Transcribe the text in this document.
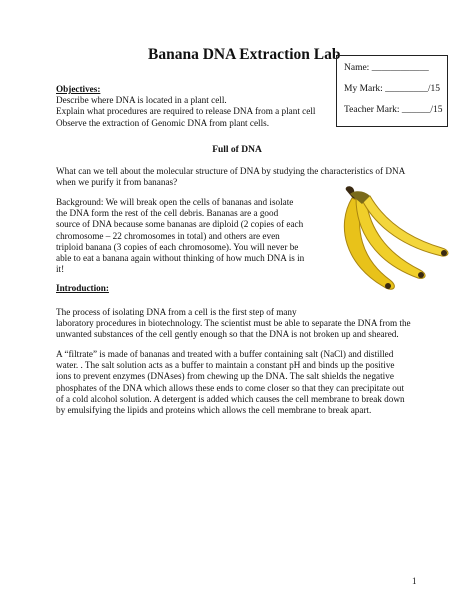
Banana DNA Extraction Lab
Name: ____________
My Mark: _________/15
Teacher Mark: ______/15
Objectives:
Describe where DNA is located in a plant cell.
Explain what procedures are required to release DNA from a plant cell
Observe the extraction of Genomic DNA from plant cells.
Full of DNA
What can we tell about the molecular structure of DNA by studying the characteristics of DNA
when we purify it from bananas?
Background: We will break open the cells of bananas and isolate
the DNA form the rest of the cell debris. Bananas are a good
source of DNA because some bananas are diploid (2 copies of each
chromosome – 22 chromosomes in total) and others are even
triploid banana (3 copies of each chromosome). You will never be
able to eat a banana again without thinking of how much DNA is in
it!
Introduction:
The process of isolating DNA from a cell is the first step of many
laboratory procedures in biotechnology. The scientist must be able to separate the DNA from the
unwanted substances of the cell gently enough so that the DNA is not broken up and sheared.
A “filtrate” is made of bananas and treated with a buffer containing salt (NaCl) and distilled
water. . The salt solution acts as a buffer to maintain a constant pH and binds up the positive
ions to prevent enzymes (DNAses) from chewing up the DNA. The salt shields the negative
phosphates of the DNA which allows these ends to come closer so that they can precipitate out
of a cold alcohol solution. A detergent is added which causes the cell membrane to break down
by emulsifying the lipids and proteins which allows the cell membrane to break apart.
1
